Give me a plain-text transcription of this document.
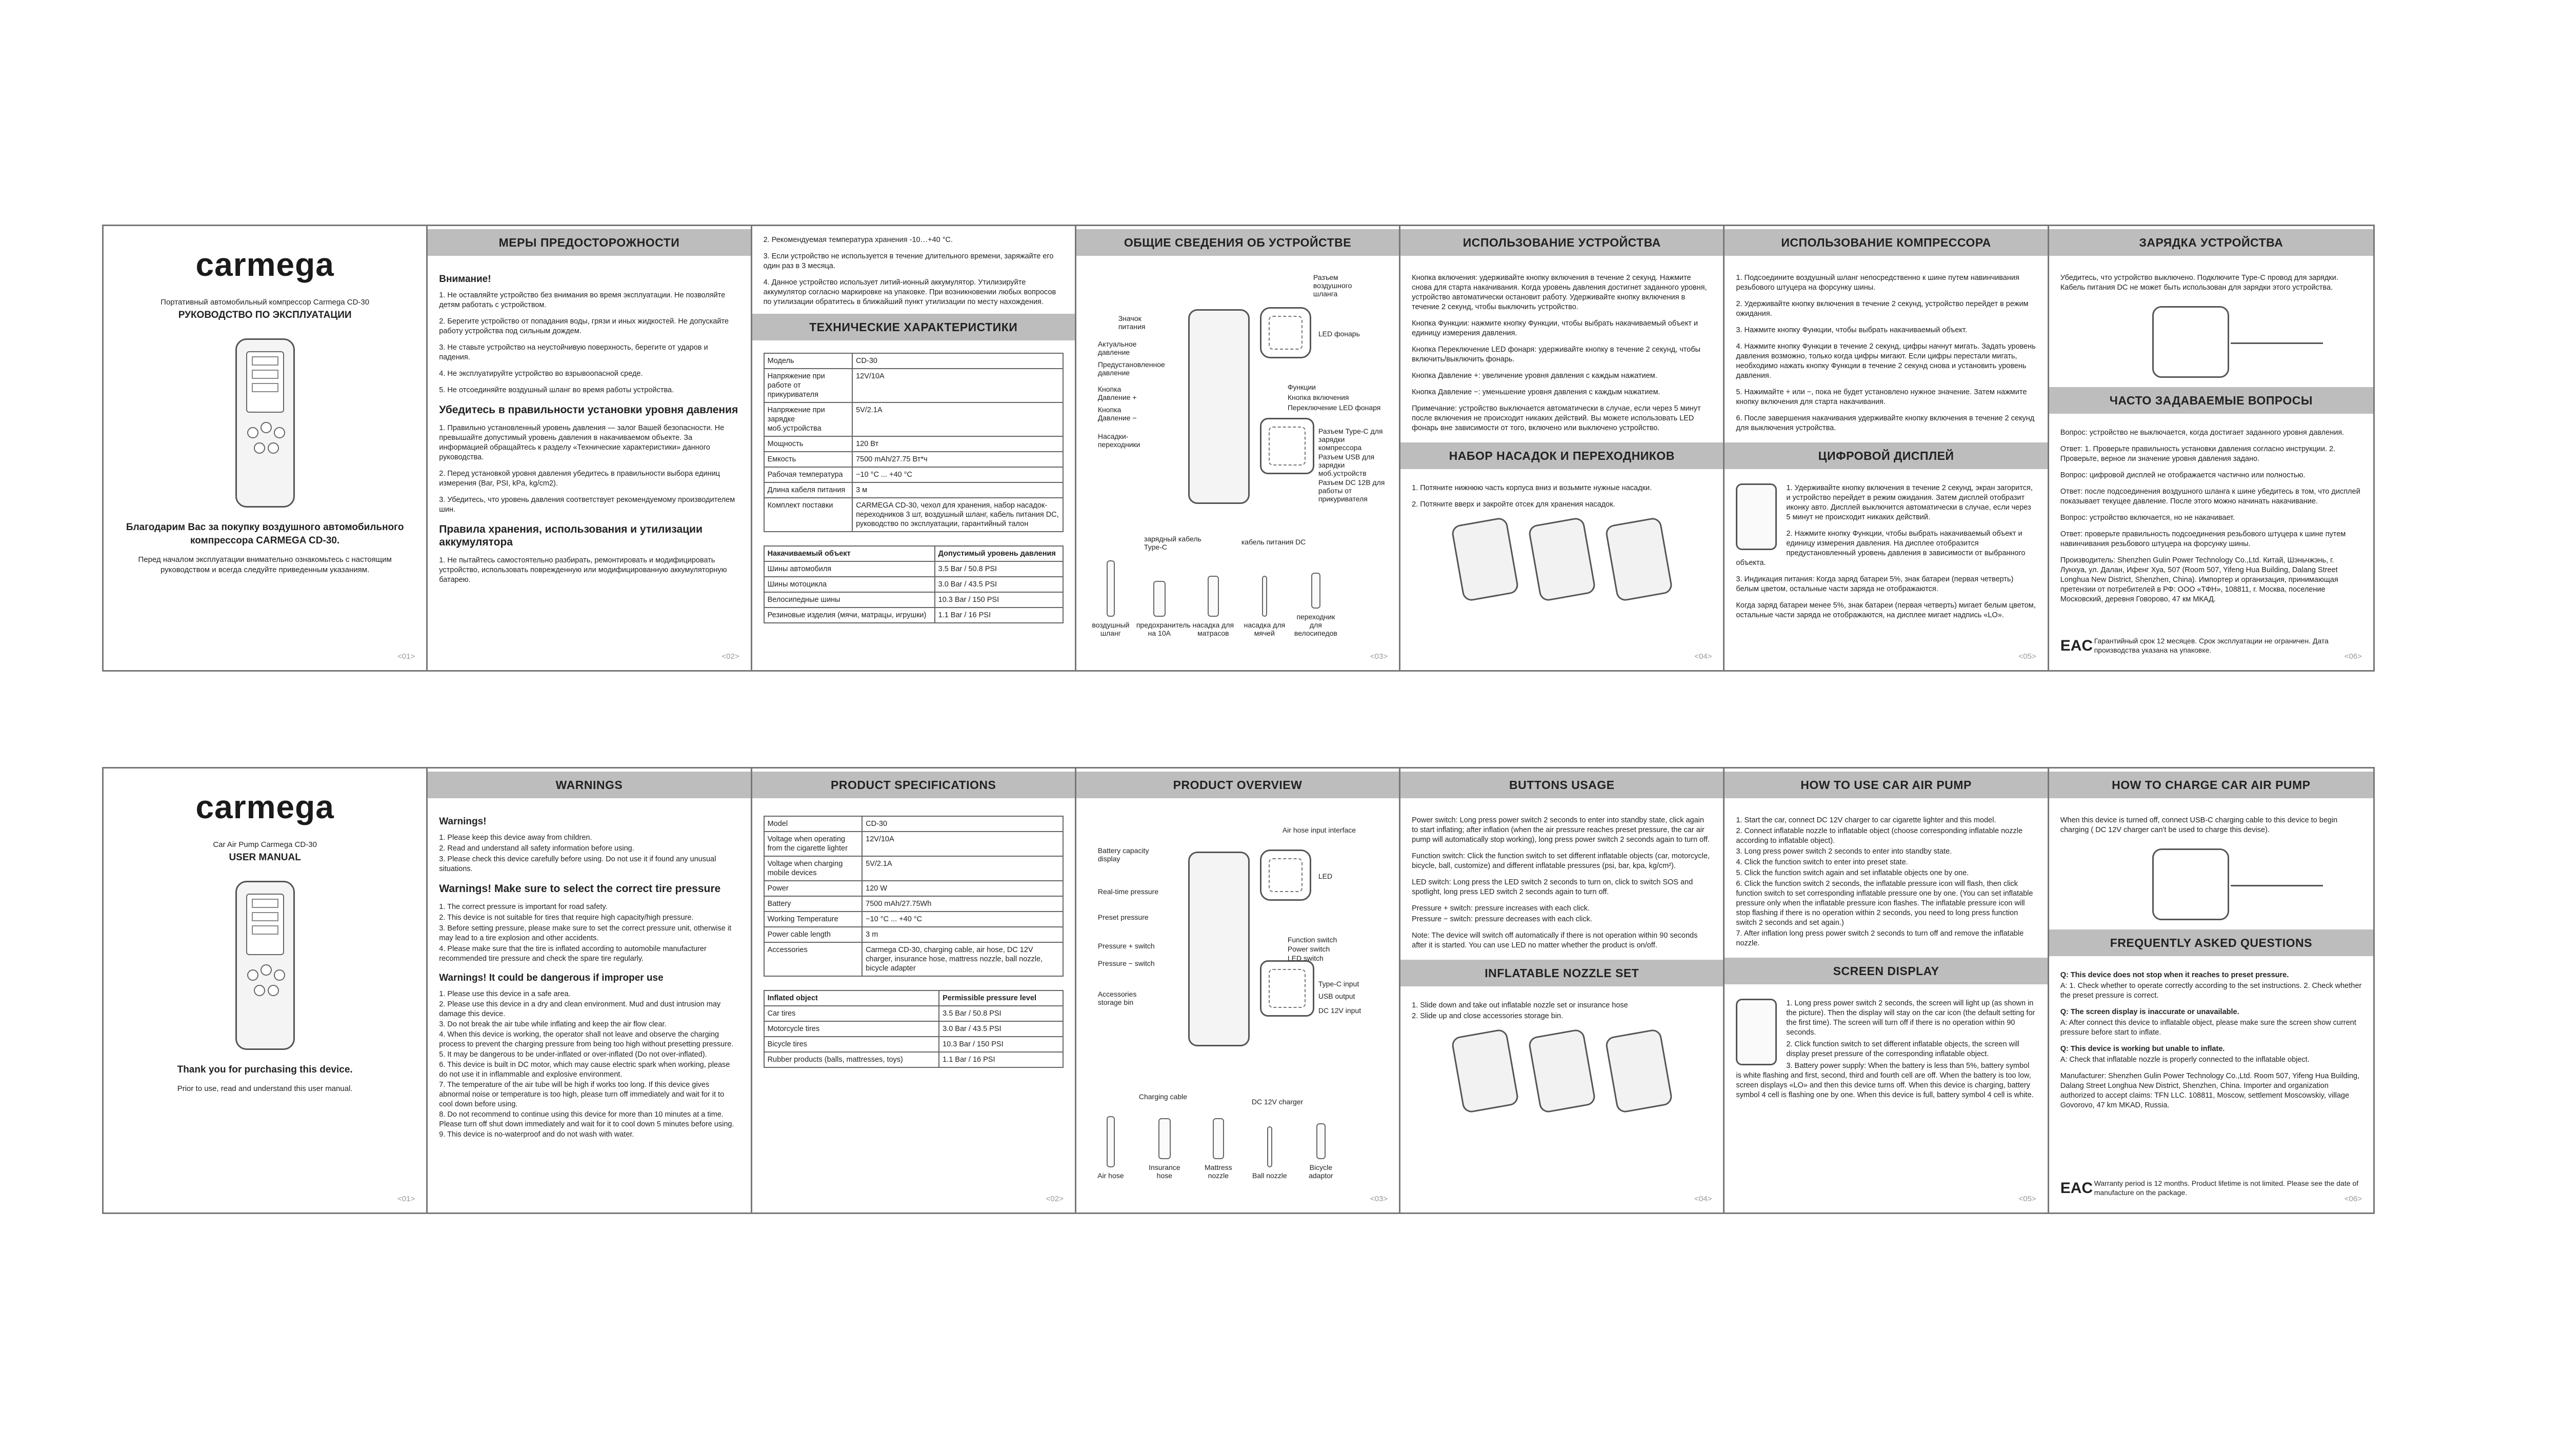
carmega
Портативный автомобильный компрессор Carmega CD-30
РУКОВОДСТВО ПО ЭКСПЛУАТАЦИИ
Благодарим Вас за покупку воздушного автомобильного компрессора CARMEGA CD-30.
Перед началом эксплуатации внимательно ознакомьтесь с настоящим руководством и всегда следуйте приведенным указаниям.
<01>
МЕРЫ ПРЕДОСТОРОЖНОСТИ
Внимание!

1. Не оставляйте устройство без внимания во время эксплуатации. Не позволяйте детям работать с устройством.

2. Берегите устройство от попадания воды, грязи и иных жидкостей. Не допускайте работу устройства под сильным дождем.

3. Не ставьте устройство на неустойчивую поверхность, берегите от ударов и падения.

4. Не эксплуатируйте устройство во взрывоопасной среде.

5. Не отсоединяйте воздушный шланг во время работы устройства.

Убедитесь в правильности установки уровня давления

1. Правильно установленный уровень давления — залог Вашей безопасности. Не превышайте допустимый уровень давления в накачиваемом объекте. За информацией обращайтесь к разделу «Технические характеристики» данного руководства.

2. Перед установкой уровня давления убедитесь в правильности выбора единиц измерения (Bar, PSI, kPa, kg/cm2).

3. Убедитесь, что уровень давления соответствует рекомендуемому производителем шин.

Правила хранения, использования и утилизации аккумулятора

1. Не пытайтесь самостоятельно разбирать, ремонтировать и модифицировать устройство, использовать поврежденную или модифицированную аккумуляторную батарею.

<02>

2. Рекомендуемая температура хранения -10…+40 °С.

3. Если устройство не используется в течение длительного времени, заряжайте его один раз в 3 месяца.

4. Данное устройство использует литий-ионный аккумулятор. Утилизируйте аккумулятор согласно маркировке на упаковке. При возникновении любых вопросов по утилизации обратитесь в ближайший пункт утилизации по месту нахождения.

ТЕХНИЧЕСКИЕ ХАРАКТЕРИСТИКИ
Модель	CD-30
Напряжение при работе от прикуривателя	12V/10A
Напряжение при зарядке моб.устройства	5V/2.1A
Мощность	120 Вт
Емкость	7500 mAh/27.75 Вт*ч
Рабочая температура	−10 °С ... +40 °С
Длина кабеля питания	3 м
Комплект поставки	CARMEGA CD-30, чехол для хранения, набор насадок-переходников 3 шт, воздушный шланг, кабель питания DC, руководство по эксплуатации, гарантийный талон
Накачиваемый объект	Допустимый уровень давления
Шины автомобиля	3.5 Bar / 50.8 PSI
Шины мотоцикла	3.0 Bar / 43.5 PSI
Велосипедные шины	10.3 Bar / 150 PSI
Резиновые изделия (мячи, матрацы, игрушки)	1.1 Bar / 16 PSI
ОБЩИЕ СВЕДЕНИЯ ОБ УСТРОЙСТВЕ
Значок питания
Актуальное давление
Предустановленное давление
Кнопка Давление +
Кнопка Давление −
Насадки-переходники
Разъем воздушного шланга
LED фонарь
Функции
Кнопка включения
Переключение LED фонаря
Разъем Type-C для зарядки компрессора
Разъем USB для зарядки моб.устройств
Разъем DC 12В для работы от прикуривателя
зарядный кабель Type-C
кабель питания DC
воздушный шланг
предохранитель на 10А
насадка для матрасов
насадка для мячей
переходник для велосипедов
<03>
ИСПОЛЬЗОВАНИЕ УСТРОЙСТВА

Кнопка включения: удерживайте кнопку включения в течение 2 секунд. Нажмите снова для старта накачивания. Когда уровень давления достигнет заданного уровня, устройство автоматически остановит работу. Удерживайте кнопку включения в течение 2 секунд, чтобы выключить устройство.

Кнопка Функции: нажмите кнопку Функции, чтобы выбрать накачиваемый объект и единицу измерения давления.

Кнопка Переключение LED фонаря: удерживайте кнопку в течение 2 секунд, чтобы включить/выключить фонарь.

Кнопка Давление +: увеличение уровня давления с каждым нажатием.

Кнопка Давление −: уменьшение уровня давления с каждым нажатием.

Примечание: устройство выключается автоматически в случае, если через 5 минут после включения не происходит никаких действий. Вы можете использовать LED фонарь вне зависимости от того, включено или выключено устройство.

НАБОР НАСАДОК И ПЕРЕХОДНИКОВ

1. Потяните нижнюю часть корпуса вниз и возьмите нужные насадки.

2. Потяните вверх и закройте отсек для хранения насадок.

<04>
ИСПОЛЬЗОВАНИЕ КОМПРЕССОРА

1. Подсоедините воздушный шланг непосредственно к шине путем навинчивания резьбового штуцера на форсунку шины.

2. Удерживайте кнопку включения в течение 2 секунд, устройство перейдет в режим ожидания.

3. Нажмите кнопку Функции, чтобы выбрать накачиваемый объект.

4. Нажмите кнопку Функции в течение 2 секунд, цифры начнут мигать. Задать уровень давления возможно, только когда цифры мигают. Если цифры перестали мигать, необходимо нажать кнопку Функции в течение 2 секунд снова и установить уровень давления.

5. Нажимайте + или −, пока не будет установлено нужное значение. Затем нажмите кнопку включения для старта накачивания.

6. После завершения накачивания удерживайте кнопку включения в течение 2 секунд для выключения устройства.

ЦИФРОВОЙ ДИСПЛЕЙ

1. Удерживайте кнопку включения в течение 2 секунд, экран загорится, и устройство перейдет в режим ожидания. Затем дисплей отобразит иконку авто. Дисплей выключится автоматически в случае, если через 5 минут не происходит никаких действий.

2. Нажмите кнопку Функции, чтобы выбрать накачиваемый объект и единицу измерения давления. На дисплее отобразится предустановленный уровень давления в зависимости от выбранного объекта.

3. Индикация питания: Когда заряд батареи 5%, знак батареи (первая четверть) белым цветом, остальные части заряда не отображаются.

Когда заряд батареи менее 5%, знак батареи (первая четверть) мигает белым цветом, остальные части заряда не отображаются, на дисплее мигает надпись «LO».

<05>
ЗАРЯДКА УСТРОЙСТВА

Убедитесь, что устройство выключено. Подключите Type-C провод для зарядки. Кабель питания DC не может быть использован для зарядки этого устройства.

ЧАСТО ЗАДАВАЕМЫЕ ВОПРОСЫ

Вопрос: устройство не выключается, когда достигает заданного уровня давления.

Ответ: 1. Проверьте правильность установки давления согласно инструкции. 2. Проверьте, верное ли значение уровня давления задано.

Вопрос: цифровой дисплей не отображается частично или полностью.

Ответ: после подсоединения воздушного шланга к шине убедитесь в том, что дисплей показывает текущее давление. После этого можно начинать накачивание.

Вопрос: устройство включается, но не накачивает.

Ответ: проверьте правильность подсоединения резьбового штуцера к шине путем навинчивания резьбового штуцера на форсунку шины.

Производитель: Shenzhen Gulin Power Technology Co.,Ltd. Китай, Шэньчжэнь, г. Лунхуа, ул. Далан, Ифенг Хуа, 507 (Room 507, Yifeng Hua Building, Dalang Street Longhua New District, Shenzhen, China). Импортер и организация, принимающая претензии от потребителей в РФ: ООО «ТФН», 108811, г. Москва, поселение Московский, деревня Говорово, 47 км МКАД.

EAC Гарантийный срок 12 месяцев. Срок эксплуатации не ограничен. Дата производства указана на упаковке.
<06>
carmega
Car Air Pump Carmega CD-30
USER MANUAL
Thank you for purchasing this device.
Prior to use, read and understand this user manual.
<01>
WARNINGS
Warnings!

1. Please keep this device away from children.

2. Read and understand all safety information before using.

3. Please check this device carefully before using. Do not use it if found any unusual situations.

Warnings! Make sure to select the correct tire pressure

1. The correct pressure is important for road safety.

2. This device is not suitable for tires that require high capacity/high pressure.

3. Before setting pressure, please make sure to set the correct pressure unit, otherwise it may lead to a tire explosion and other accidents.

4. Please make sure that the tire is inflated according to automobile manufacturer recommended tire pressure and check the spare tire regularly.

Warnings! It could be dangerous if improper use

1. Please use this device in a safe area.

2. Please use this device in a dry and clean environment. Mud and dust intrusion may damage this device.

3. Do not break the air tube while inflating and keep the air flow clear.

4. When this device is working, the operator shall not leave and observe the charging process to prevent the charging pressure from being too high without presetting pressure.

5. It may be dangerous to be under-inflated or over-inflated (Do not over-inflated).

6. This device is built in DC motor, which may cause electric spark when working, please do not use it in inflammable and explosive environment.

7. The temperature of the air tube will be high if works too long. If this device gives abnormal noise or temperature is too high, please turn off immediately and wait for it to cool down before using.

8. Do not recommend to continue using this device for more than 10 minutes at a time. Please turn off shut down immediately and wait for it to cool down 5 minutes before using.

9. This device is no-waterproof and do not wash with water.

PRODUCT SPECIFICATIONS
Model	CD-30
Voltage when operating from the cigarette lighter	12V/10A
Voltage when charging mobile devices	5V/2.1A
Power	120 W
Battery	7500 mAh/27.75Wh
Working Temperature	−10 °C ... +40 °C
Power cable length	3 m
Accessories	Carmega CD-30, charging cable, air hose, DC 12V charger, insurance hose, mattress nozzle, ball nozzle, bicycle adapter
Inflated object	Permissible pressure level
Car tires	3.5 Bar / 50.8 PSI
Motorcycle tires	3.0 Bar / 43.5 PSI
Bicycle tires	10.3 Bar / 150 PSI
Rubber products (balls, mattresses, toys)	1.1 Bar / 16 PSI
<02>
PRODUCT OVERVIEW
Battery capacity display
Real-time pressure
Preset pressure
Pressure + switch
Pressure − switch
Accessories storage bin
Air hose input interface
LED
Function switch
Power switch
LED switch
Type-C input
USB output
DC 12V input
Charging cable
DC 12V charger
Air hose
Insurance hose
Mattress nozzle	Ball nozzle
Bicycle adaptor
<03>
BUTTONS USAGE

Power switch: Long press power switch 2 seconds to enter into standby state, click again to start inflating; after inflation (when the air pressure reaches preset pressure, the car air pump will automatically stop working), long press power switch 2 seconds again to turn off.

Function switch: Click the function switch to set different inflatable objects (car, motorcycle, bicycle, ball, customize) and different inflatable pressures (psi, bar, kpa, kg/cm²).

LED switch: Long press the LED switch 2 seconds to turn on, click to switch SOS and spotlight, long press LED switch 2 seconds again to turn off.

Pressure + switch: pressure increases with each click.

Pressure − switch: pressure decreases with each click.

Note: The device will switch off automatically if there is not operation within 90 seconds after it is started. You can use LED no matter whether the product is on/off.

INFLATABLE NOZZLE SET

1. Slide down and take out inflatable nozzle set or insurance hose

2. Slide up and close accessories storage bin.

<04>
HOW TO USE CAR AIR PUMP

1. Start the car, connect DC 12V charger to car cigarette lighter and this model.

2. Connect inflatable nozzle to inflatable object (choose corresponding inflatable nozzle according to inflatable object).

3. Long press power switch 2 seconds to enter into standby state.

4. Click the function switch to enter into preset state.

5. Click the function switch again and set inflatable objects one by one.

6. Click the function switch 2 seconds, the inflatable pressure icon will flash, then click function switch to set corresponding inflatable pressure one by one. (You can set inflatable pressure only when the inflatable pressure icon flashes. The inflatable pressure icon will stop flashing if there is no operation within 2 seconds, you need to long press function switch 2 seconds and set again.)

7. After inflation long press power switch 2 seconds to turn off and remove the inflatable nozzle.

SCREEN DISPLAY

1. Long press power switch 2 seconds, the screen will light up (as shown in the picture). Then the display will stay on the car icon (the default setting for the first time). The screen will turn off if there is no operation within 90 seconds.

2. Click function switch to set different inflatable objects, the screen will display preset pressure of the corresponding inflatable object.

3. Battery power supply: When the battery is less than 5%, battery symbol is white flashing and first, second, third and fourth cell are off. When the battery is too low, screen displays «LO» and then this device turns off. When this device is charging, battery symbol 4 cell is flashing one by one. When this device is full, battery symbol 4 cell is white.

<05>
HOW TO CHARGE CAR AIR PUMP

When this device is turned off, connect USB-C charging cable to this device to begin charging ( DC 12V charger can't be used to charge this devise).

FREQUENTLY ASKED QUESTIONS

Q: This device does not stop when it reaches to preset pressure.

A: 1. Check whether to operate correctly according to the set instructions. 2. Check whether the preset pressure is correct.

Q: The screen display is inaccurate or unavailable.

A: After connect this device to inflatable object, please make sure the screen show current pressure before start to inflate.

Q: This device is working but unable to inflate.

A: Check that inflatable nozzle is properly connected to the inflatable object.

Manufacturer: Shenzhen Gulin Power Technology Co.,Ltd. Room 507, Yifeng Hua Building, Dalang Street Longhua New District, Shenzhen, China. Importer and organization authorized to accept claims: TFN LLC. 108811, Moscow, settlement Moscowskiy, village Govorovo, 47 km MKAD, Russia.

EAC Warranty period is 12 months. Product lifetime is not limited. Please see the date of manufacture on the package.
<06>
